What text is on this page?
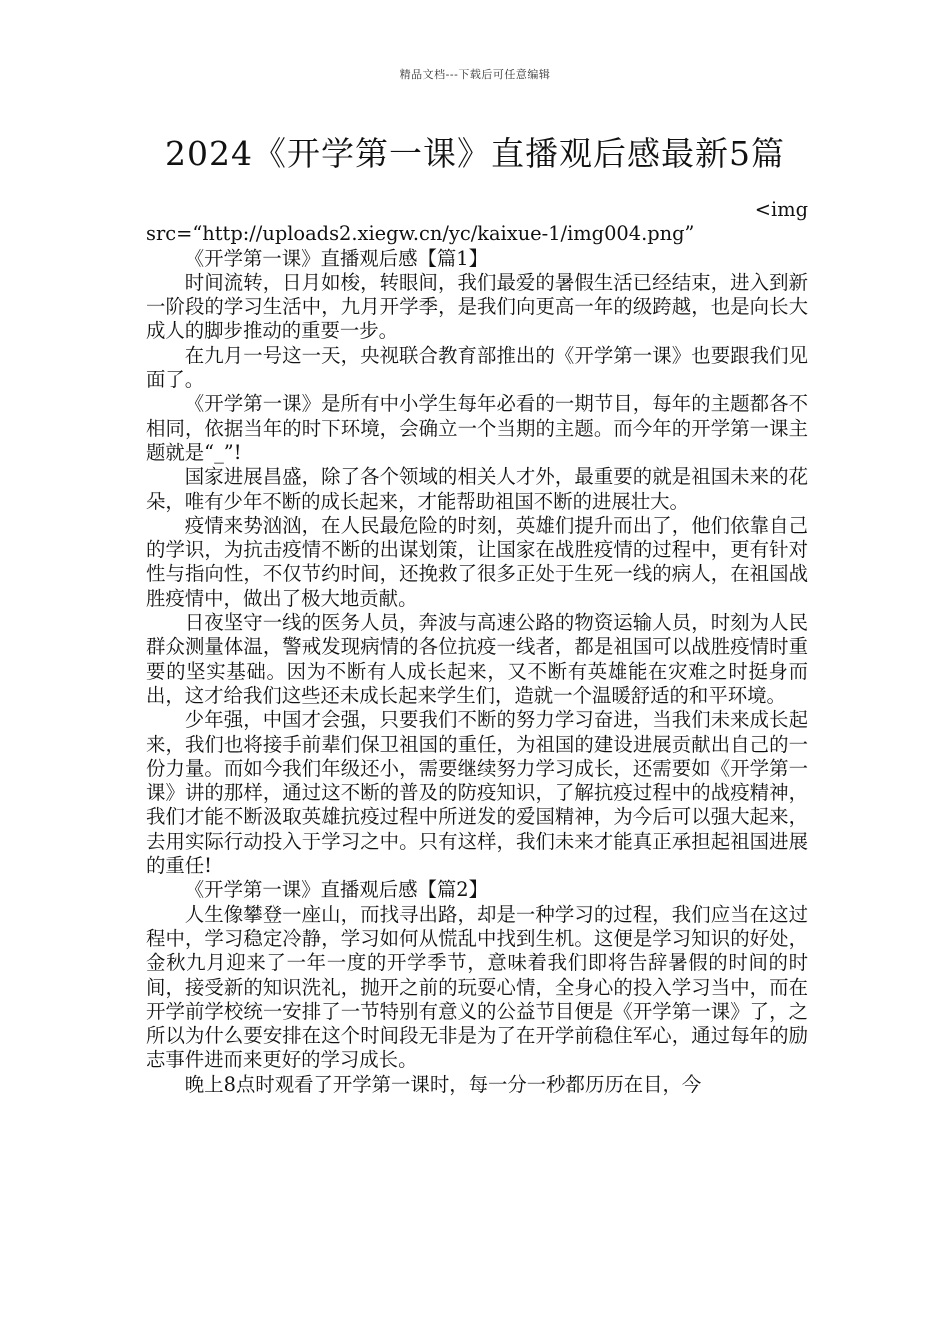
精品文档---下载后可任意编辑
2024《开学第一课》直播观后感最新5篇

<img

src=“http://uploads2.xiegw.cn/yc/kaixue-1/img004.png”

《开学第一课》直播观后感【篇1】

时间流转，日月如梭，转眼间，我们最爱的暑假生活已经结束，进入到新一阶段的学习生活中，九月开学季，是我们向更高一年的级跨越，也是向长大成人的脚步推动的重要一步。

在九月一号这一天，央视联合教育部推出的《开学第一课》也要跟我们见面了。

《开学第一课》是所有中小学生每年必看的一期节目，每年的主题都各不相同，依据当年的时下环境，会确立一个当期的主题。而今年的开学第一课主题就是“_”!

国家进展昌盛，除了各个领域的相关人才外，最重要的就是祖国未来的花朵，唯有少年不断的成长起来，才能帮助祖国不断的进展壮大。

疫情来势汹汹，在人民最危险的时刻，英雄们提升而出了，他们依靠自己的学识，为抗击疫情不断的出谋划策，让国家在战胜疫情的过程中，更有针对性与指向性，不仅节约时间，还挽救了很多正处于生死一线的病人，在祖国战胜疫情中，做出了极大地贡献。

日夜坚守一线的医务人员，奔波与高速公路的物资运输人员，时刻为人民群众测量体温，警戒发现病情的各位抗疫一线者，都是祖国可以战胜疫情时重要的坚实基础。因为不断有人成长起来，又不断有英雄能在灾难之时挺身而出，这才给我们这些还未成长起来学生们，造就一个温暖舒适的和平环境。

少年强，中国才会强，只要我们不断的努力学习奋进，当我们未来成长起来，我们也将接手前辈们保卫祖国的重任，为祖国的建设进展贡献出自己的一份力量。而如今我们年级还小，需要继续努力学习成长，还需要如《开学第一课》讲的那样，通过这不断的普及的防疫知识，了解抗疫过程中的战疫精神，我们才能不断汲取英雄抗疫过程中所迸发的爱国精神，为今后可以强大起来，去用实际行动投入于学习之中。只有这样，我们未来才能真正承担起祖国进展的重任!

《开学第一课》直播观后感【篇2】

人生像攀登一座山，而找寻出路，却是一种学习的过程，我们应当在这过程中，学习稳定冷静，学习如何从慌乱中找到生机。这便是学习知识的好处，金秋九月迎来了一年一度的开学季节，意味着我们即将告辞暑假的时间的时间，接受新的知识洗礼，抛开之前的玩耍心情，全身心的投入学习当中，而在开学前学校统一安排了一节特别有意义的公益节目便是《开学第一课》了，之所以为什么要安排在这个时间段无非是为了在开学前稳住军心，通过每年的励志事件进而来更好的学习成长。

晚上8点时观看了开学第一课时，每一分一秒都历历在目，今
